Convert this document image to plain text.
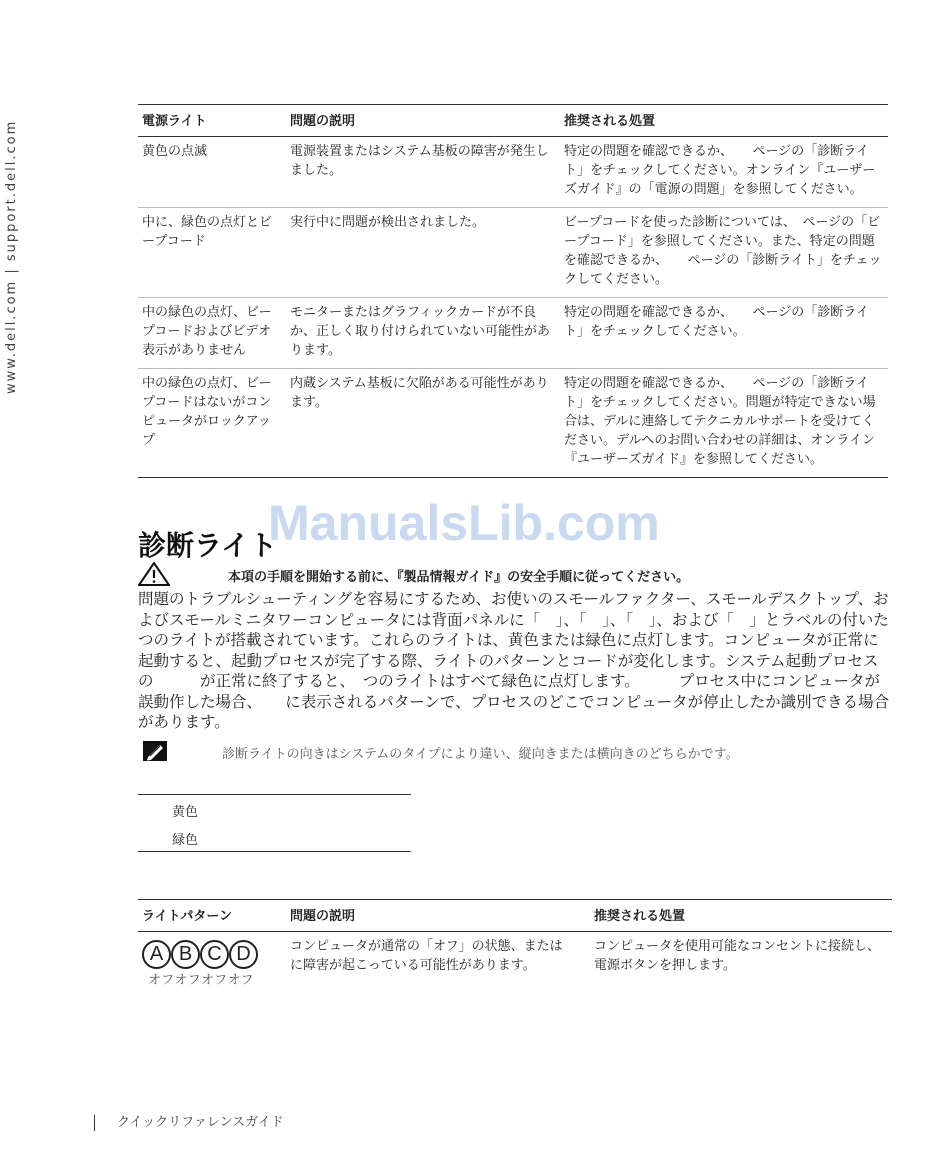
www.dell.com | support.dell.com	電源ライト	問題の説明	推奨される処置
黄色の点滅	電源装置またはシステム基板の障害が発生しました。	特定の問題を確認できるか、　　ページの「診断ライト」をチェックしてください。オンライン『ユーザーズガイド』の「電源の問題」を参照してください。
中に、緑色の点灯とビープコード	実行中に問題が検出されました。	ビープコードを使った診断については、　ページの「ビープコード」を参照してください。また、特定の問題を確認できるか、　　ページの「診断ライト」をチェックしてください。
中の緑色の点灯、ビープコードおよびビデオ表示がありません	モニターまたはグラフィックカードが不良か、正しく取り付けられていない可能性があります。	特定の問題を確認できるか、　　ページの「診断ライト」をチェックしてください。
中の緑色の点灯、ビープコードはないがコンピュータがロックアップ	内蔵システム基板に欠陥がある可能性があります。	特定の問題を確認できるか、　　ページの「診断ライト」をチェックしてください。問題が特定できない場合は、デルに連絡してテクニカルサポートを受けてください。デルへのお問い合わせの詳細は、オンライン『ユーザーズガイド』を参照してください。
ManualsLib.com
診断ライト
本項の手順を開始する前に、『製品情報ガイド』の安全手順に従ってください。

問題のトラブルシューティングを容易にするため、お使いのスモールファクター、スモールデスクトップ、およびスモールミニタワーコンピュータには背面パネルに「　」、「　」、「　」、および「　」とラベルの付いた　つのライトが搭載されています。これらのライトは、黄色または緑色に点灯します。コンピュータが正常に起動すると、起動プロセスが完了する際、ライトのパターンとコードが変化します。システム起動プロセスの　　　が正常に終了すると、　つのライトはすべて緑色に点灯します。　　　プロセス中にコンピュータが誤動作した場合、　　に表示されるパターンで、プロセスのどこでコンピュータが停止したか識別できる場合があります。

診断ライトの向きはシステムのタイプにより違い、縦向きまたは横向きのどちらかです。
黄色
緑色
ライトパターン	問題の説明	推奨される処置

A B C D
オフオフオフオフ	コンピュータが通常の「オフ」の状態、または　　　に障害が起こっている可能性があります。	コンピュータを使用可能なコンセントに接続し、電源ボタンを押します。
クイックリファレンスガイド
